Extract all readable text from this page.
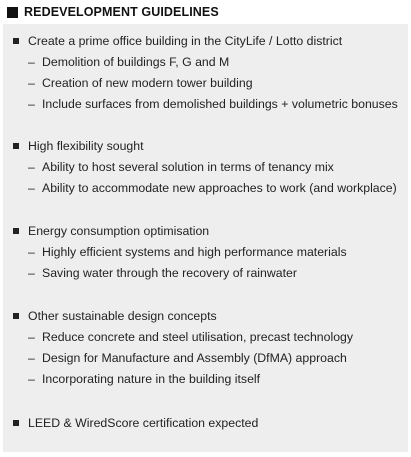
REDEVELOPMENT GUIDELINES
Create a prime office building in the CityLife / Lotto district
– Demolition of buildings F, G and M
– Creation of new modern tower building
– Include surfaces from demolished buildings + volumetric bonuses
High flexibility sought
– Ability to host several solution in terms of tenancy mix
– Ability to accommodate new approaches to work (and workplace)
Energy consumption optimisation
– Highly efficient systems and high performance materials
– Saving water through the recovery of rainwater
Other sustainable design concepts
– Reduce concrete and steel utilisation, precast technology
– Design for Manufacture and Assembly (DfMA) approach
– Incorporating nature in the building itself
LEED & WiredScore certification expected
